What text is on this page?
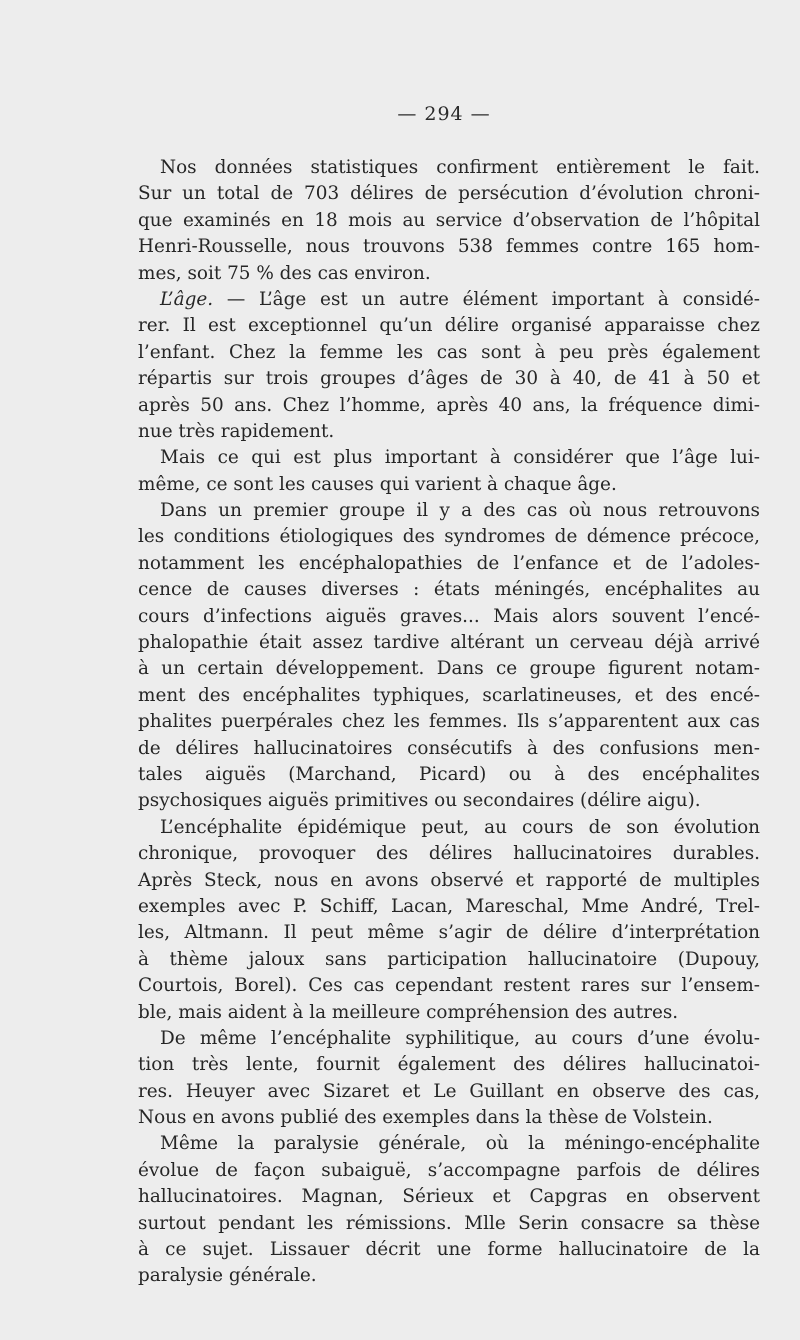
— 294 —
Nos données statistiques confirment entièrement le fait.
Sur un total de 703 délires de persécution d’évolution chroni-
que examinés en 18 mois au service d’observation de l’hôpital
Henri-Rousselle, nous trouvons 538 femmes contre 165 hom-
mes, soit 75 % des cas environ.
L’âge. — L’âge est un autre élément important à considé-
rer. Il est exceptionnel qu’un délire organisé apparaisse chez
l’enfant. Chez la femme les cas sont à peu près également
répartis sur trois groupes d’âges de 30 à 40, de 41 à 50 et
après 50 ans. Chez l’homme, après 40 ans, la fréquence dimi-
nue très rapidement.
Mais ce qui est plus important à considérer que l’âge lui-
même, ce sont les causes qui varient à chaque âge.
Dans un premier groupe il y a des cas où nous retrouvons
les conditions étiologiques des syndromes de démence précoce,
notamment les encéphalopathies de l’enfance et de l’adoles-
cence de causes diverses : états méningés, encéphalites au
cours d’infections aiguës graves... Mais alors souvent l’encé-
phalopathie était assez tardive altérant un cerveau déjà arrivé
à un certain développement. Dans ce groupe figurent notam-
ment des encéphalites typhiques, scarlatineuses, et des encé-
phalites puerpérales chez les femmes. Ils s’apparentent aux cas
de délires hallucinatoires consécutifs à des confusions men-
tales aiguës (Marchand, Picard) ou à des encéphalites
psychosiques aiguës primitives ou secondaires (délire aigu).
L’encéphalite épidémique peut, au cours de son évolution
chronique, provoquer des délires hallucinatoires durables.
Après Steck, nous en avons observé et rapporté de multiples
exemples avec P. Schiff, Lacan, Mareschal, Mme André, Trel-
les, Altmann. Il peut même s’agir de délire d’interprétation
à thème jaloux sans participation hallucinatoire (Dupouy,
Courtois, Borel). Ces cas cependant restent rares sur l’ensem-
ble, mais aident à la meilleure compréhension des autres.
De même l’encéphalite syphilitique, au cours d’une évolu-
tion très lente, fournit également des délires hallucinatoi-
res. Heuyer avec Sizaret et Le Guillant en observe des cas,
Nous en avons publié des exemples dans la thèse de Volstein.
Même la paralysie générale, où la méningo-encéphalite
évolue de façon subaiguë, s’accompagne parfois de délires
hallucinatoires. Magnan, Sérieux et Capgras en observent
surtout pendant les rémissions. Mlle Serin consacre sa thèse
à ce sujet. Lissauer décrit une forme hallucinatoire de la
paralysie générale.
